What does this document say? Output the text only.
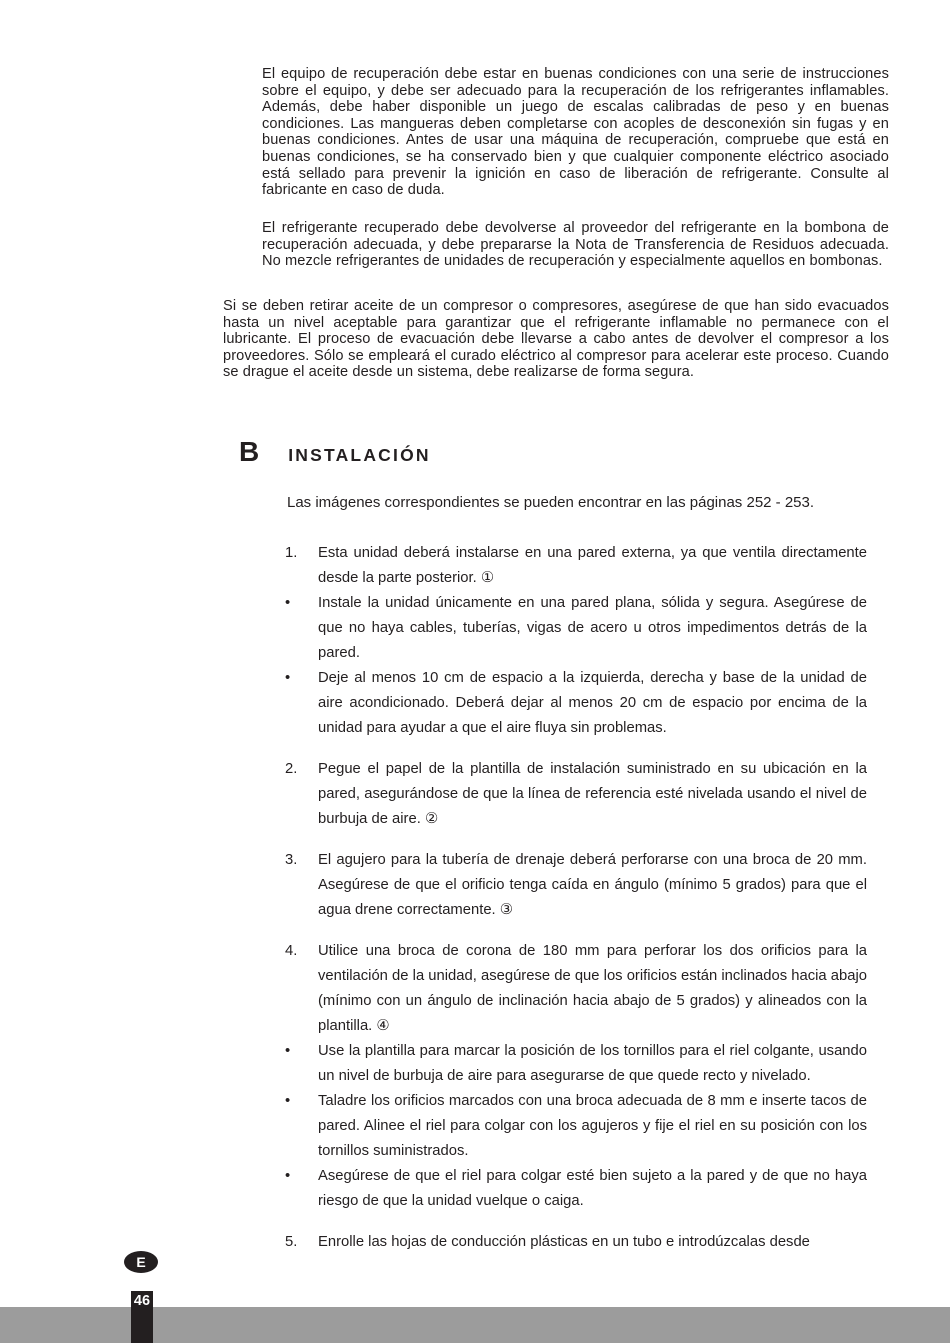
El equipo de recuperación debe estar en buenas condiciones con una serie de instrucciones sobre el equipo, y debe ser adecuado para la recuperación de los refrigerantes inflamables. Además, debe haber disponible un juego de escalas calibradas de peso y en buenas condiciones. Las mangueras deben completarse con acoples de desconexión sin fugas y en buenas condiciones. Antes de usar una máquina de recuperación, compruebe que está en buenas condiciones, se ha conservado bien y que cualquier componente eléctrico asociado está sellado para prevenir la ignición en caso de liberación de refrigerante. Consulte al fabricante en caso de duda.

El refrigerante recuperado debe devolverse al proveedor del refrigerante en la bombona de recuperación adecuada, y debe prepararse la Nota de Transferencia de Residuos adecuada. No mezcle refrigerantes de unidades de recuperación y especialmente aquellos en bombonas.

Si se deben retirar aceite de un compresor o compresores, asegúrese de que han sido evacuados hasta un nivel aceptable para garantizar que el refrigerante inflamable no permanece con el lubricante. El proceso de evacuación debe llevarse a cabo antes de devolver el compresor a los proveedores. Sólo se empleará el curado eléctrico al compresor para acelerar este proceso. Cuando se drague el aceite desde un sistema, debe realizarse de forma segura.

B INSTALACIÓN

Las imágenes correspondientes se pueden encontrar en las páginas 252 - 253.

1.	Esta unidad deberá instalarse en una pared externa, ya que ventila directamente desde la parte posterior. ①
•	Instale la unidad únicamente en una pared plana, sólida y segura. Asegúrese de que no haya cables, tuberías, vigas de acero u otros impedimentos detrás de la pared.
•	Deje al menos 10 cm de espacio a la izquierda, derecha y base de la unidad de aire acondicionado. Deberá dejar al menos 20 cm de espacio por encima de la unidad para ayudar a que el aire fluya sin problemas.
2.	Pegue el papel de la plantilla de instalación suministrado en su ubicación en la pared, asegurándose de que la línea de referencia esté nivelada usando el nivel de burbuja de aire. ②
3.	El agujero para la tubería de drenaje deberá perforarse con una broca de 20 mm. Asegúrese de que el orificio tenga caída en ángulo (mínimo 5 grados) para que el agua drene correctamente. ③
4.	Utilice una broca de corona de 180 mm para perforar los dos orificios para la ventilación de la unidad, asegúrese de que los orificios están inclinados hacia abajo (mínimo con un ángulo de inclinación hacia abajo de 5 grados) y alineados con la plantilla. ④
•	Use la plantilla para marcar la posición de los tornillos para el riel colgante, usando un nivel de burbuja de aire para asegurarse de que quede recto y nivelado.
•	Taladre los orificios marcados con una broca adecuada de 8 mm e inserte tacos de pared. Alinee el riel para colgar con los agujeros y fije el riel en su posición con los tornillos suministrados.
•	Asegúrese de que el riel para colgar esté bien sujeto a la pared y de que no haya riesgo de que la unidad vuelque o caiga.
5.	Enrolle las hojas de conducción plásticas en un tubo e introdúzcalas desde
46
E
